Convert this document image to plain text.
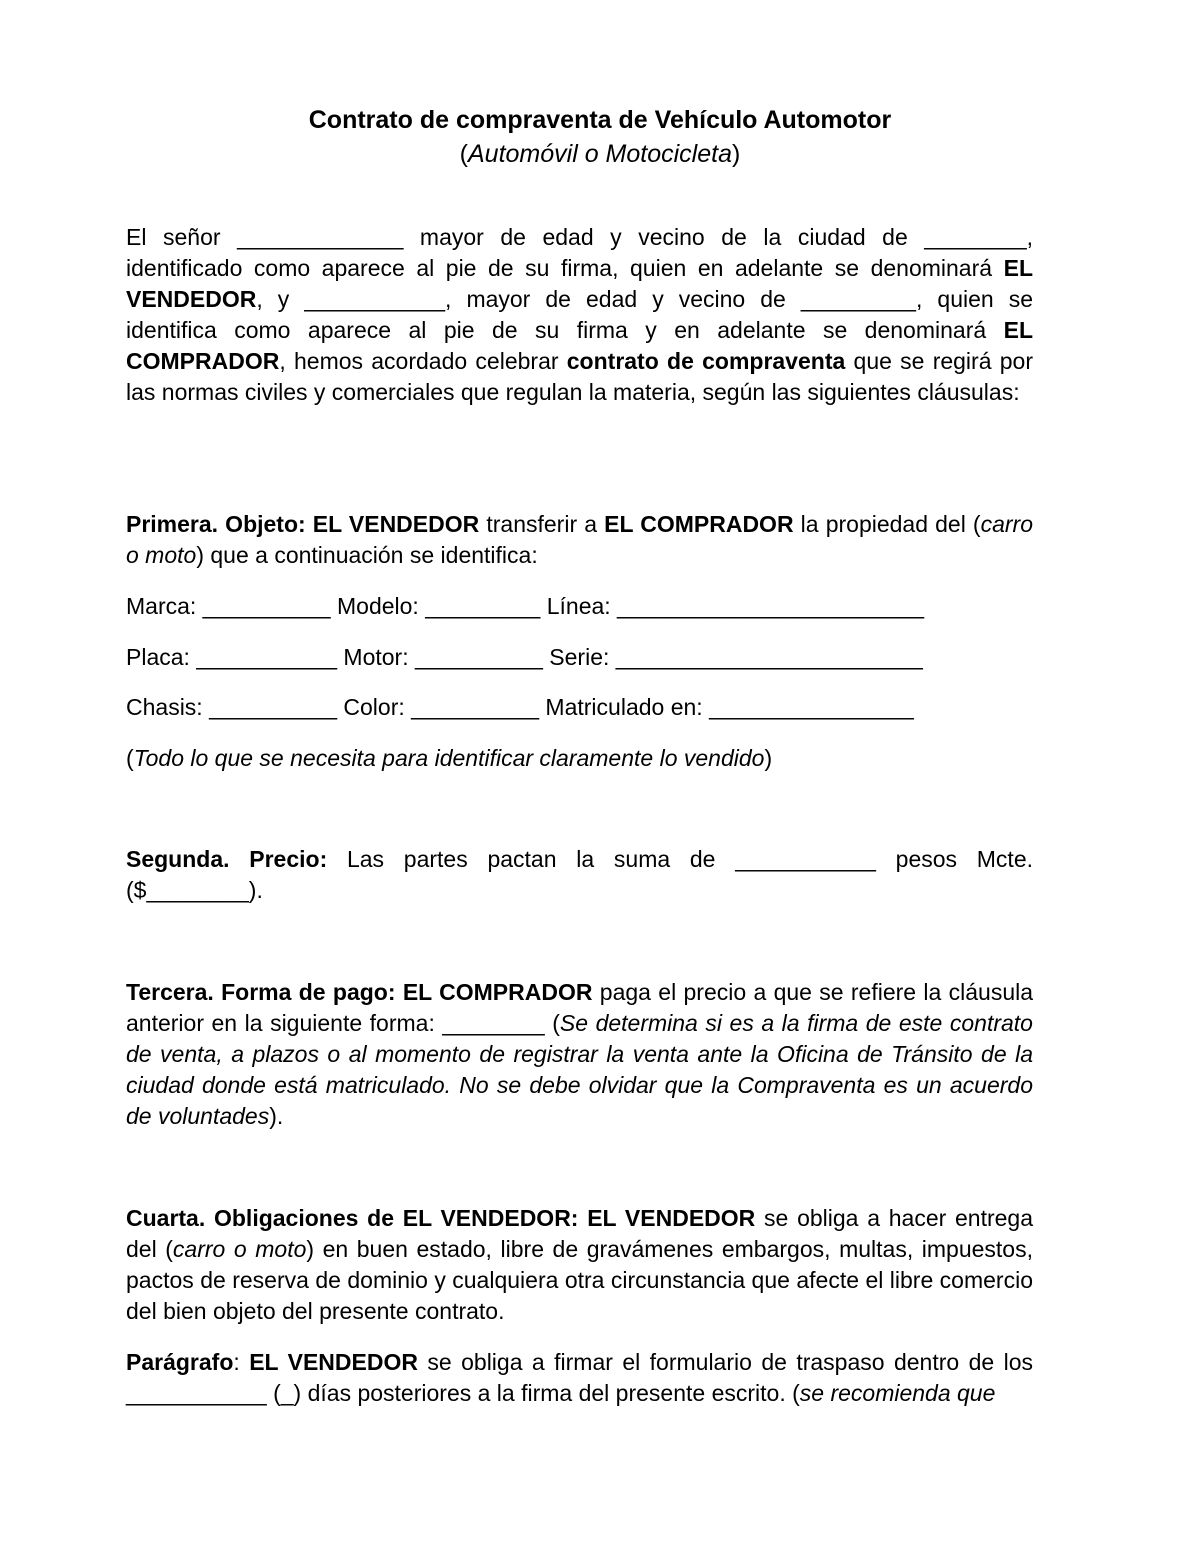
Contrato de compraventa de Vehículo Automotor
(Automóvil o Motocicleta)
El señor _____________ mayor de edad y vecino de la ciudad de ________, identificado como aparece al pie de su firma, quien en adelante se denominará EL VENDEDOR, y ___________, mayor de edad y vecino de _________, quien se identifica como aparece al pie de su firma y en adelante se denominará EL COMPRADOR, hemos acordado celebrar contrato de compraventa que se regirá por las normas civiles y comerciales que regulan la materia, según las siguientes cláusulas:
Primera. Objeto: EL VENDEDOR transferir a EL COMPRADOR la propiedad del (carro o moto) que a continuación se identifica:
Marca: __________ Modelo: _________ Línea: ________________________
Placa: ___________ Motor: __________ Serie: ________________________
Chasis: __________ Color: __________ Matriculado en: ________________
(Todo lo que se necesita para identificar claramente lo vendido)
Segunda. Precio: Las partes pactan la suma de ___________ pesos Mcte. ($________).
Tercera. Forma de pago: EL COMPRADOR paga el precio a que se refiere la cláusula anterior en la siguiente forma: ________ (Se determina si es a la firma de este contrato de venta, a plazos o al momento de registrar la venta ante la Oficina de Tránsito de la ciudad donde está matriculado. No se debe olvidar que la Compraventa es un acuerdo de voluntades).
Cuarta. Obligaciones de EL VENDEDOR: EL VENDEDOR se obliga a hacer entrega del (carro o moto) en buen estado, libre de gravámenes embargos, multas, impuestos, pactos de reserva de dominio y cualquiera otra circunstancia que afecte el libre comercio del bien objeto del presente contrato.
Parágrafo: EL VENDEDOR se obliga a firmar el formulario de traspaso dentro de los ___________ (_) días posteriores a la firma del presente escrito. (se recomienda que
